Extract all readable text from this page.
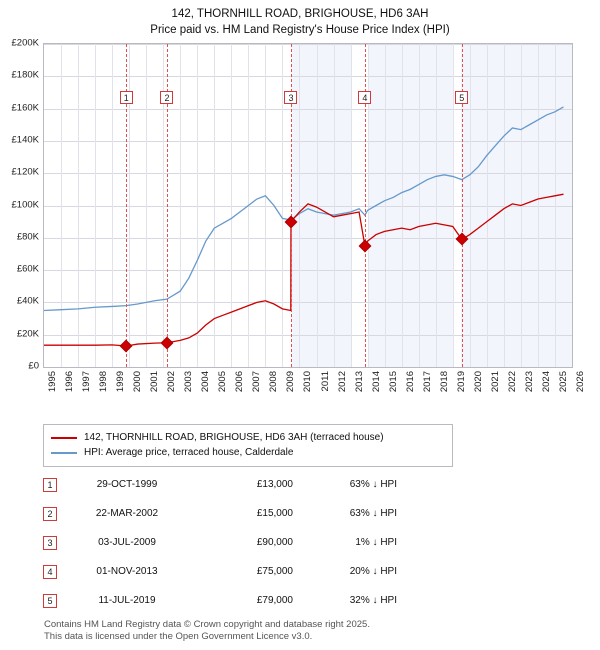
142, THORNHILL ROAD, BRIGHOUSE, HD6 3AH
Price paid vs. HM Land Registry's House Price Index (HPI)
£0
£20K
£40K
£60K
£80K
£100K
£120K
£140K
£160K
£180K
£200K
1	2	3	4	5
1995 1996 1997 1998 1999 2000 2001 2002 2003 2004 2005 2006 2007 2008 2009 2010 2011 2012 2013 2014 2015 2016 2017 2018 2019 2020 2021 2022 2023 2024 2025 2026
142, THORNHILL ROAD, BRIGHOUSE, HD6 3AH (terraced house)
HPI: Average price, terraced house, Calderdale
1	29-OCT-1999	£13,000	63% ↓ HPI
2	22-MAR-2002	£15,000	63% ↓ HPI
3	03-JUL-2009	£90,000	1% ↓ HPI
4	01-NOV-2013	£75,000	20% ↓ HPI
5	11-JUL-2019	£79,000	32% ↓ HPI
Contains HM Land Registry data © Crown copyright and database right 2025.
This data is licensed under the Open Government Licence v3.0.
